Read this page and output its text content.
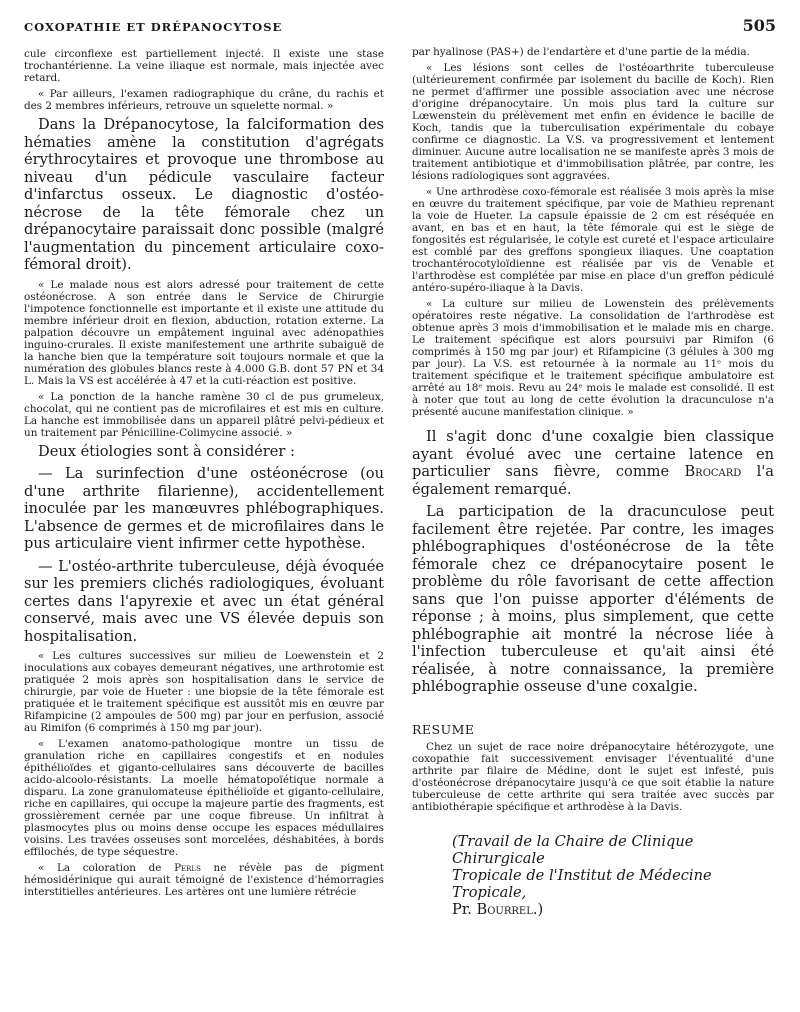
COXOPATHIE ET DRÉPANOCYTOSE	505

cule circonflexe est partiellement injecté. Il existe une stase trochantérienne. La veine iliaque est normale, mais injectée avec retard.

« Par ailleurs, l'examen radiographique du crâne, du rachis et des 2 membres inférieurs, retrouve un squelette normal. »

Dans la Drépanocytose, la falciformation des hématies amène la constitution d'agrégats érythrocytaires et provoque une thrombose au niveau d'un pédicule vasculaire facteur d'infarctus osseux. Le diagnostic d'ostéo-nécrose de la tête fémorale chez un drépanocytaire paraissait donc possible (malgré l'augmentation du pincement articulaire coxo-fémoral droit).

« Le malade nous est alors adressé pour traitement de cette ostéonécrose. A son entrée dans le Service de Chirurgie l'impotence fonctionnelle est importante et il existe une attitude du membre inférieur droit en flexion, abduction, rotation externe. La palpation découvre un empâtement inguinal avec adénopathies inguino-crurales. Il existe manifestement une arthrite subaiguë de la hanche bien que la température soit toujours normale et que la numération des globules blancs reste à 4.000 G.B. dont 57 PN et 34 L. Mais la VS est accélérée à 47 et la cuti-réaction est positive.

« La ponction de la hanche ramène 30 cl de pus grumeleux, chocolat, qui ne contient pas de microfilaires et est mis en culture. La hanche est immobilisée dans un appareil plâtré pelvi-pédieux et un traitement par Pénicilline-Colimycine associé. »

Deux étiologies sont à considérer :

— La surinfection d'une ostéonécrose (ou d'une arthrite filarienne), accidentellement inoculée par les manœuvres phlébographiques. L'absence de germes et de microfilaires dans le pus articulaire vient infirmer cette hypothèse.

— L'ostéo-arthrite tuberculeuse, déjà évoquée sur les premiers clichés radiologiques, évoluant certes dans l'apyrexie et avec un état général conservé, mais avec une VS élevée depuis son hospitalisation.

« Les cultures successives sur milieu de Loewenstein et 2 inoculations aux cobayes demeurant négatives, une arthrotomie est pratiquée 2 mois après son hospitalisation dans le service de chirurgie, par voie de Hueter : une biopsie de la tête fémorale est pratiquée et le traitement spécifique est aussitôt mis en œuvre par Rifampicine (2 ampoules de 500 mg) par jour en perfusion, associé au Rimifon (6 comprimés à 150 mg par jour).

« L'examen anatomo-pathologique montre un tissu de granulation riche en capillaires congestifs et en nodules épithélioïdes et giganto-cellulaires sans découverte de bacilles acido-alcoolo-résistants. La moelle hématopoïétique normale a disparu. La zone granulomateuse épithélioïde et giganto-cellulaire, riche en capillaires, qui occupe la majeure partie des fragments, est grossièrement cernée par une coque fibreuse. Un infiltrat à plasmocytes plus ou moins dense occupe les espaces médullaires voisins. Les travées osseuses sont morcelées, déshabitées, à bords effilochés, de type séquestre.

« La coloration de Perls ne révèle pas de pigment hémosidérinique qui aurait témoigné de l'existence d'hémorragies interstitielles antérieures. Les artères ont une lumière rétrécie

par hyalinose (PAS+) de l'endartère et d'une partie de la média.

« Les lésions sont celles de l'ostéoarthrite tuberculeuse (ultérieurement confirmée par isolement du bacille de Koch). Rien ne permet d'affirmer une possible association avec une nécrose d'origine drépanocytaire. Un mois plus tard la culture sur Lœwenstein du prélèvement met enfin en évidence le bacille de Koch, tandis que la tuberculisation expérimentale du cobaye confirme ce diagnostic. La V.S. va progressivement et lentement diminuer. Aucune autre localisation ne se manifeste après 3 mois de traitement antibiotique et d'immobilisation plâtrée, par contre, les lésions radiologiques sont aggravées.

« Une arthrodèse coxo-fémorale est réalisée 3 mois après la mise en œuvre du traitement spécifique, par voie de Mathieu reprenant la voie de Hueter. La capsule épaissie de 2 cm est réséquée en avant, en bas et en haut, la tête fémorale qui est le siège de fongosités est régularisée, le cotyle est cureté et l'espace articulaire est comblé par des greffons spongieux iliaques. Une coaptation trochantérocotyloïdienne est réalisée par vis de Venable et l'arthrodèse est complétée par mise en place d'un greffon pédiculé antéro-supéro-iliaque à la Davis.

« La culture sur milieu de Lowenstein des prélèvements opératoires reste négative. La consolidation de l'arthrodèse est obtenue après 3 mois d'immobilisation et le malade mis en charge. Le traitement spécifique est alors poursuivi par Rimifon (6 comprimés à 150 mg par jour) et Rifampicine (3 gélules à 300 mg par jour). La V.S. est retournée à la normale au 11ᵉ mois du traitement spécifique et le traitement spécifique ambulatoire est arrêté au 18ᵉ mois. Revu au 24ᵉ mois le malade est consolidé. Il est à noter que tout au long de cette évolution la dracunculose n'a présenté aucune manifestation clinique. »

Il s'agit donc d'une coxalgie bien classique ayant évolué avec une certaine latence en particulier sans fièvre, comme Brocard l'a également remarqué.

La participation de la dracunculose peut facilement être rejetée. Par contre, les images phlébographiques d'ostéonécrose de la tête fémorale chez ce drépanocytaire posent le problème du rôle favorisant de cette affection sans que l'on puisse apporter d'éléments de réponse ; à moins, plus simplement, que cette phlébographie ait montré la nécrose liée à l'infection tuberculeuse et qu'ait ainsi été réalisée, à notre connaissance, la première phlébographie osseuse d'une coxalgie.

RESUME

Chez un sujet de race noire drépanocytaire hétérozygote, une coxopathie fait successivement envisager l'éventualité d'une arthrite par filaire de Médine, dont le sujet est infesté, puis d'ostéonécrose drépanocytaire jusqu'à ce que soit établie la nature tuberculeuse de cette arthrite qui sera traitée avec succès par antibiothérapie spécifique et arthrodèse à la Davis.

(Travail de la Chaire de Clinique Chirurgicale
Tropicale de l'Institut de Médecine Tropicale,
Pr. Bourrel.)
